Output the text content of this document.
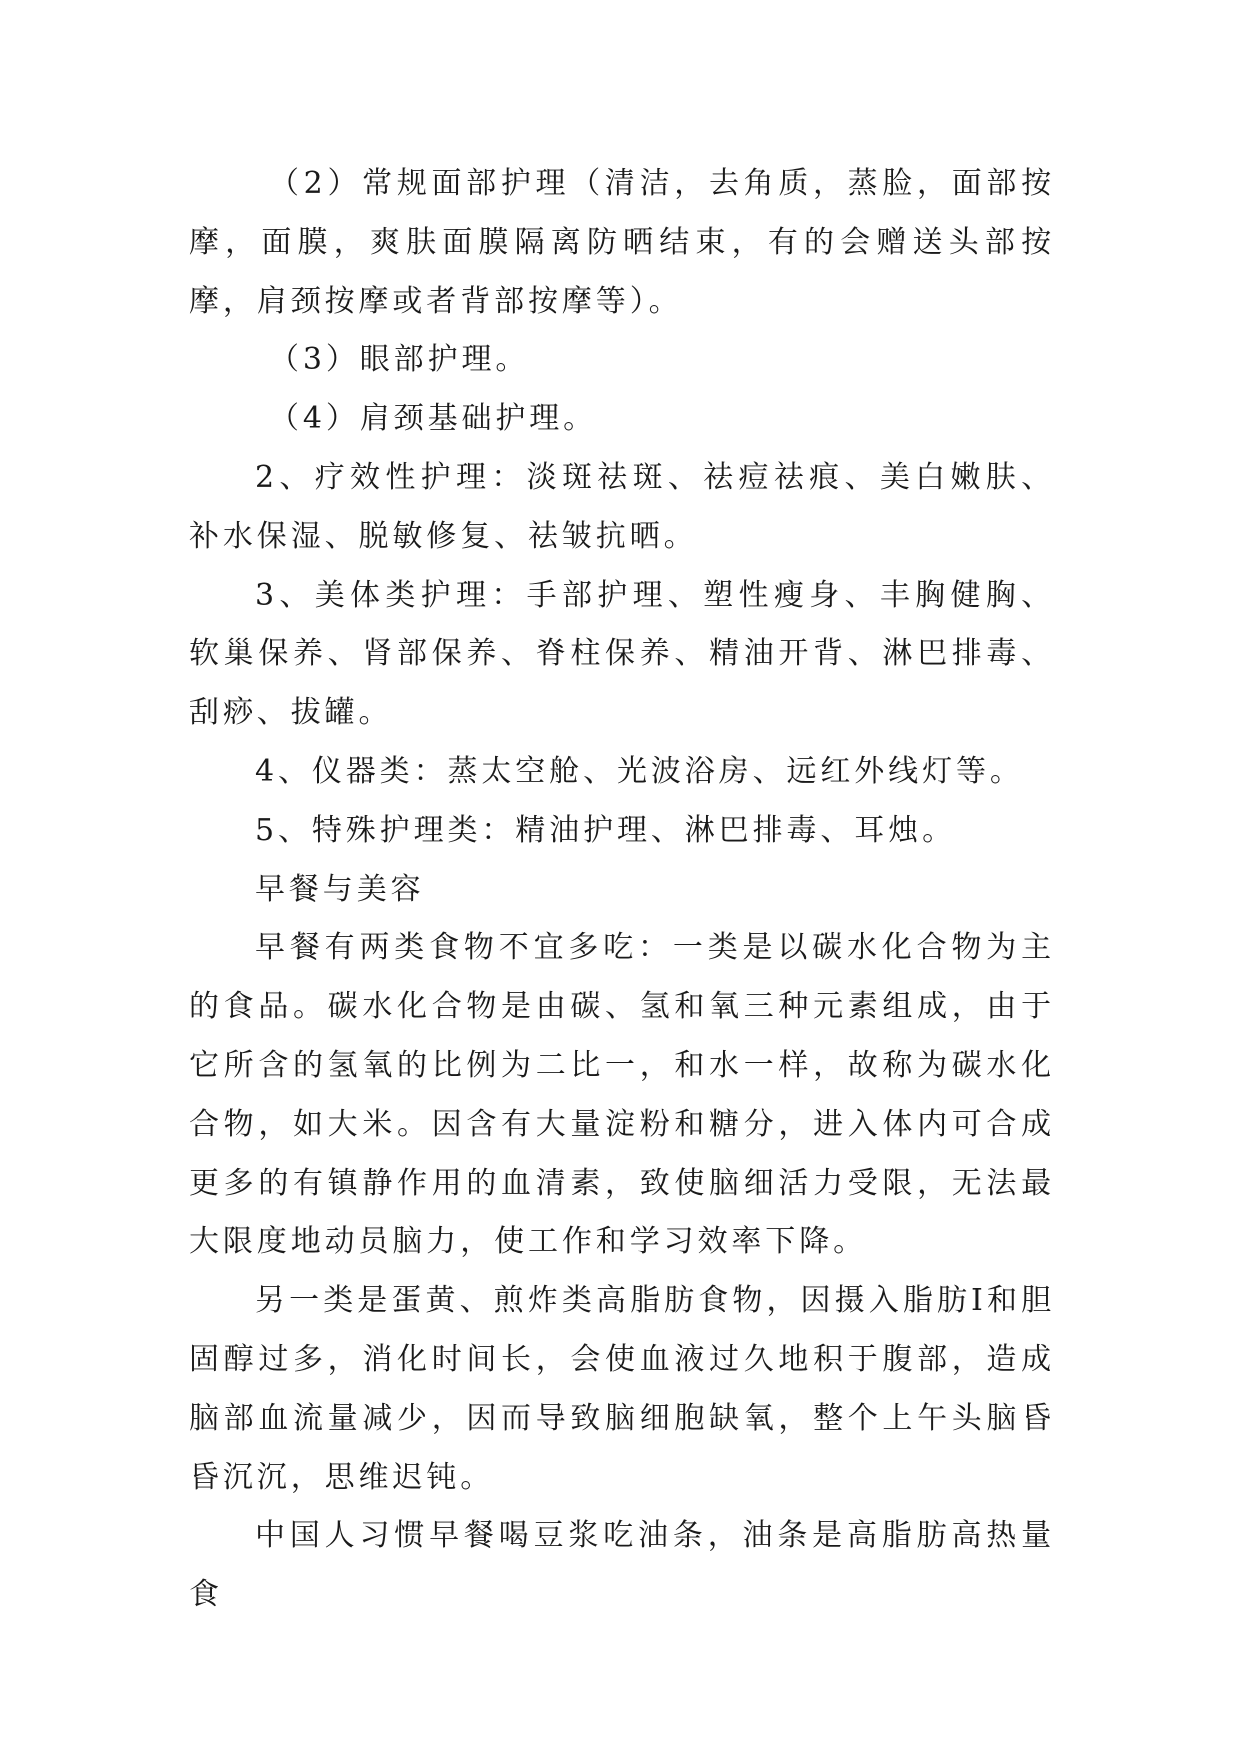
（2）常规面部护理（清洁，去角质，蒸脸，面部按摩，面膜，爽肤面膜隔离防晒结束，有的会赠送头部按摩，肩颈按摩或者背部按摩等）。

（3）眼部护理。

（4）肩颈基础护理。

2、疗效性护理：淡斑祛斑、祛痘祛痕、美白嫩肤、补水保湿、脱敏修复、祛皱抗晒。

3、美体类护理：手部护理、塑性瘦身、丰胸健胸、软巢保养、肾部保养、脊柱保养、精油开背、淋巴排毒、刮痧、拔罐。

4、仪器类：蒸太空舱、光波浴房、远红外线灯等。

5、特殊护理类：精油护理、淋巴排毒、耳烛。

早餐与美容

早餐有两类食物不宜多吃：一类是以碳水化合物为主的食品。碳水化合物是由碳、氢和氧三种元素组成，由于它所含的氢氧的比例为二比一，和水一样，故称为碳水化合物，如大米。因含有大量淀粉和糖分，进入体内可合成更多的有镇静作用的血清素，致使脑细活力受限，无法最大限度地动员脑力，使工作和学习效率下降。

另一类是蛋黄、煎炸类高脂肪食物，因摄入脂肪I和胆固醇过多，消化时间长，会使血液过久地积于腹部，造成脑部血流量减少，因而导致脑细胞缺氧，整个上午头脑昏昏沉沉，思维迟钝。

中国人习惯早餐喝豆浆吃油条，油条是高脂肪高热量食
